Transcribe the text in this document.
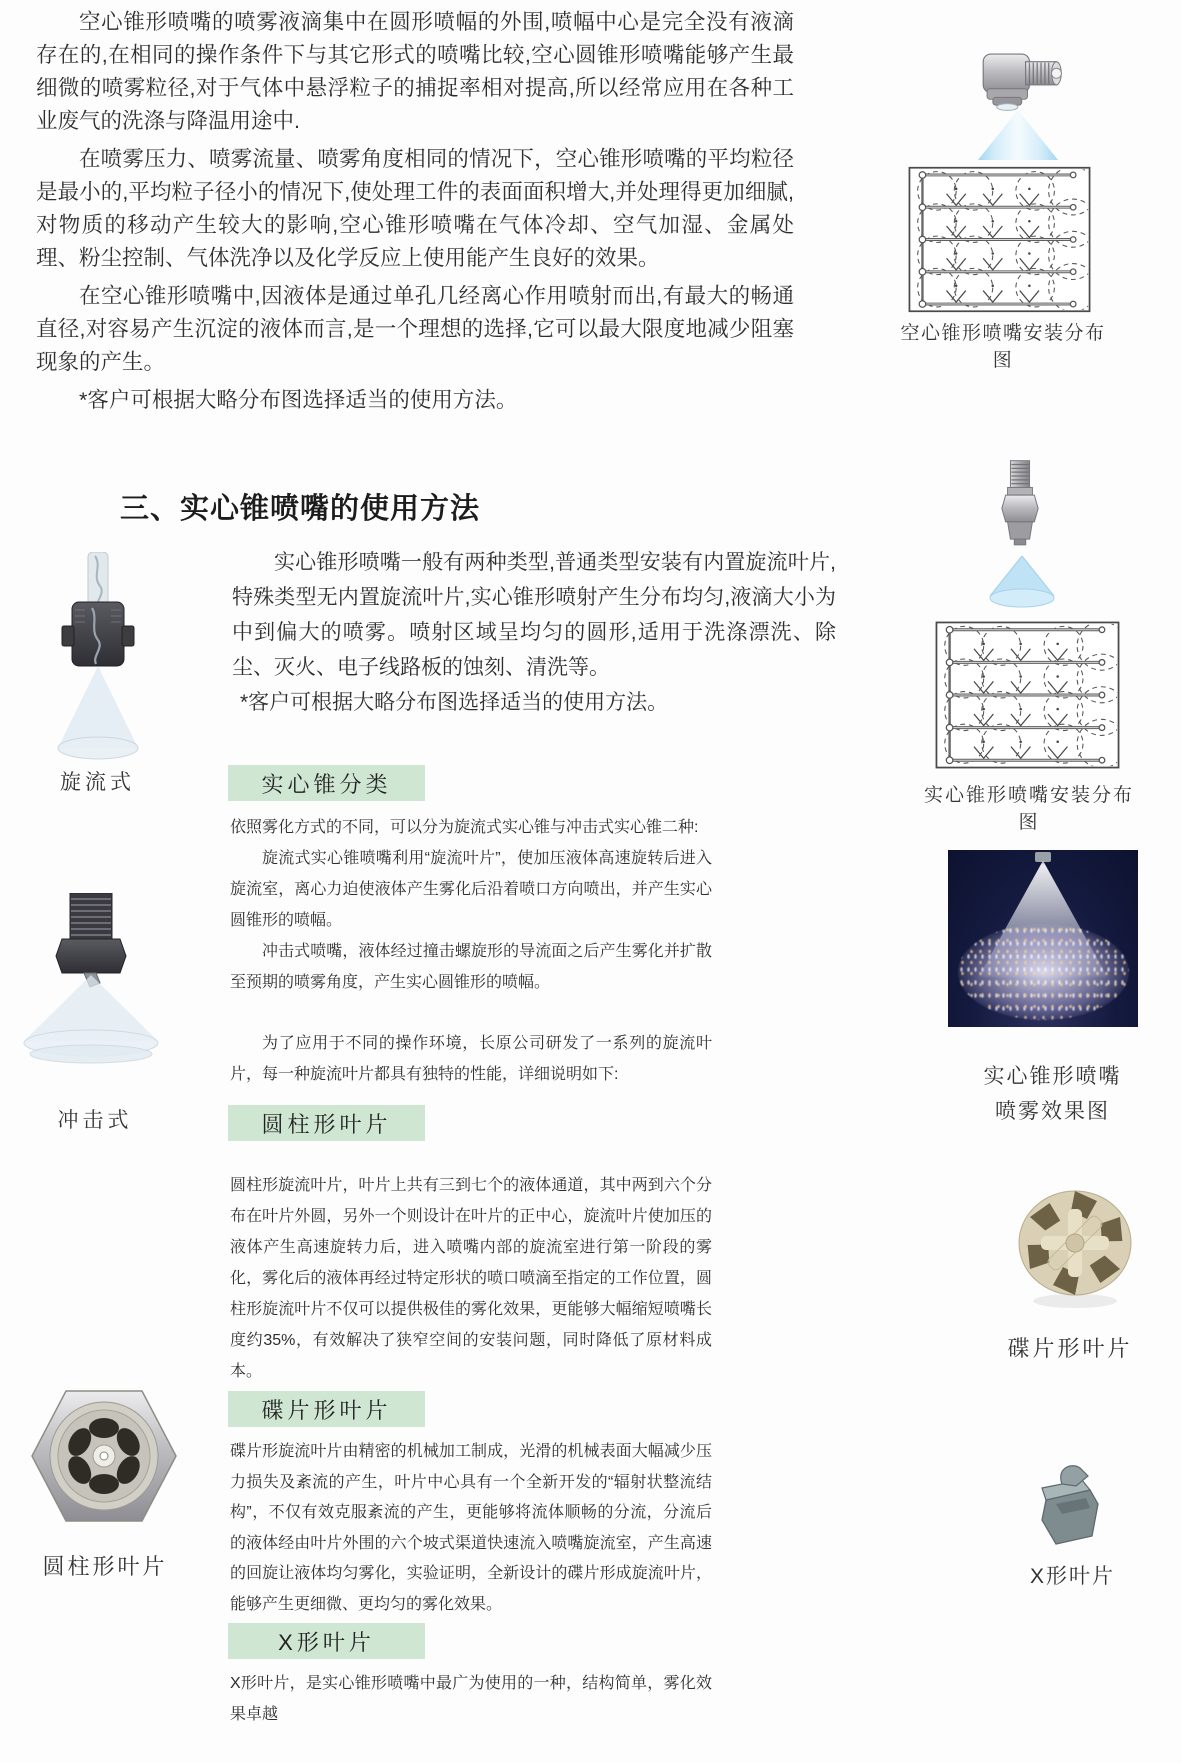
空心锥形喷嘴的喷雾液滴集中在圆形喷幅的外围,喷幅中心是完全没有液滴存在的,在相同的操作条件下与其它形式的喷嘴比较,空心圆锥形喷嘴能够产生最细微的喷雾粒径,对于气体中悬浮粒子的捕捉率相对提高,所以经常应用在各种工业废气的洗涤与降温用途中.

在喷雾压力、喷雾流量、喷雾角度相同的情况下，空心锥形喷嘴的平均粒径是最小的,平均粒子径小的情况下,使处理工件的表面面积增大,并处理得更加细腻,对物质的移动产生较大的影响,空心锥形喷嘴在气体冷却、空气加湿、金属处理、粉尘控制、气体洗净以及化学反应上使用能产生良好的效果。

在空心锥形喷嘴中,因液体是通过单孔几经离心作用喷射而出,有最大的畅通直径,对容易产生沉淀的液体而言,是一个理想的选择,它可以最大限度地减少阻塞现象的产生。

*客户可根据大略分布图选择适当的使用方法。

空心锥形喷嘴安装分布图
三、实心锥喷嘴的使用方法
旋流式
冲击式
圆柱形叶片

实心锥形喷嘴一般有两种类型,普通类型安装有内置旋流叶片,特殊类型无内置旋流叶片,实心锥形喷射产生分布均匀,液滴大小为中到偏大的喷雾。喷射区域呈均匀的圆形,适用于洗涤漂洗、除尘、灭火、电子线路板的蚀刻、清洗等。

*客户可根据大略分布图选择适当的使用方法。

实心锥分类

依照雾化方式的不同，可以分为旋流式实心锥与冲击式实心锥二种:

旋流式实心锥喷嘴利用“旋流叶片”，使加压液体高速旋转后进入旋流室，离心力迫使液体产生雾化后沿着喷口方向喷出，并产生实心圆锥形的喷幅。

冲击式喷嘴，液体经过撞击螺旋形的导流面之后产生雾化并扩散至预期的喷雾角度，产生实心圆锥形的喷幅。

为了应用于不同的操作环境，长原公司研发了一系列的旋流叶片，每一种旋流叶片都具有独特的性能，详细说明如下:

圆柱形叶片

圆柱形旋流叶片，叶片上共有三到七个的液体通道，其中两到六个分布在叶片外圆，另外一个则设计在叶片的正中心，旋流叶片使加压的液体产生高速旋转力后，进入喷嘴内部的旋流室进行第一阶段的雾化，雾化后的液体再经过特定形状的喷口喷滴至指定的工作位置，圆柱形旋流叶片不仅可以提供极佳的雾化效果，更能够大幅缩短喷嘴长度约35%，有效解决了狭窄空间的安装问题，同时降低了原材料成本。

碟片形叶片

碟片形旋流叶片由精密的机械加工制成，光滑的机械表面大幅减少压力损失及紊流的产生，叶片中心具有一个全新开发的“辐射状整流结构”，不仅有效克服紊流的产生，更能够将流体顺畅的分流，分流后的液体经由叶片外围的六个坡式渠道快速流入喷嘴旋流室，产生高速的回旋让液体均匀雾化，实验证明，全新设计的碟片形成旋流叶片，能够产生更细微、更均匀的雾化效果。

X形叶片

X形叶片，是实心锥形喷嘴中最广为使用的一种，结构简单，雾化效果卓越

实心锥形喷嘴安装分布图
实心锥形喷嘴
喷雾效果图
碟片形叶片
X形叶片
